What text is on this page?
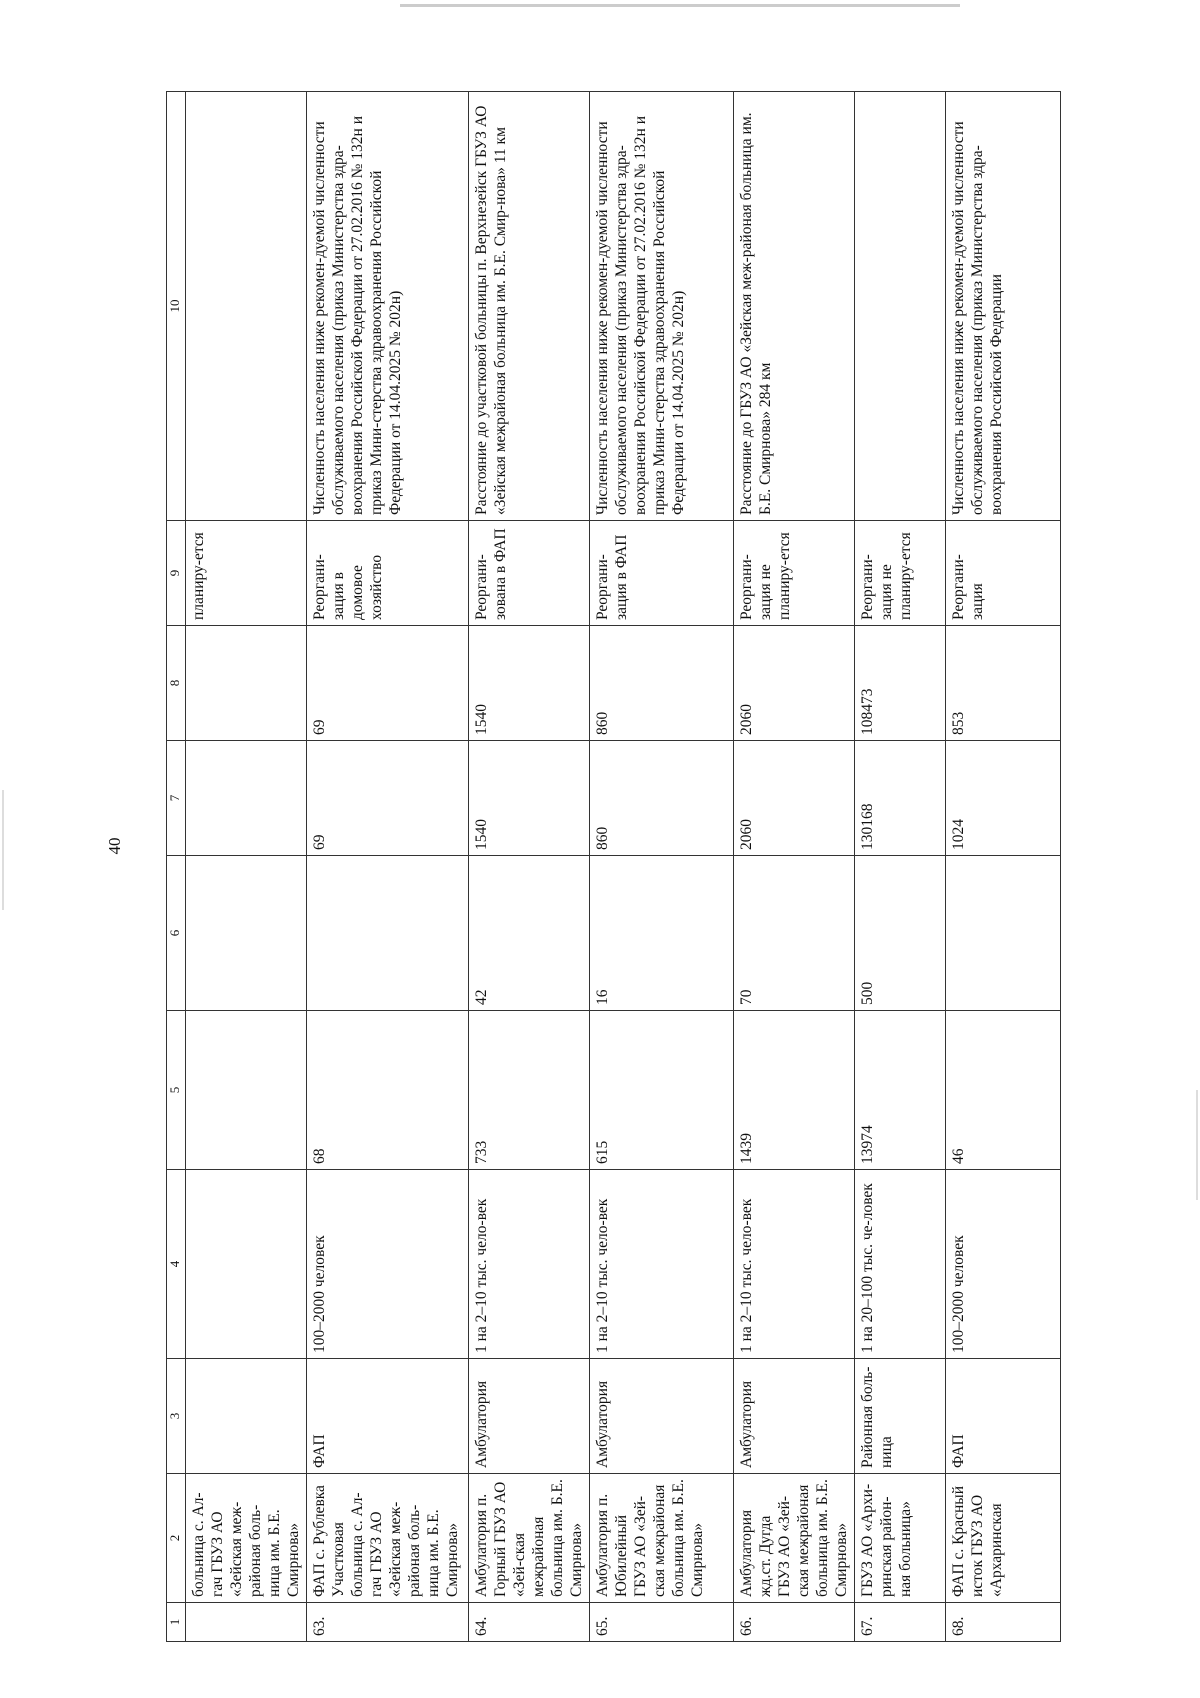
40
1	2	3	4	5	6	7	8	9	10
	больница с. Ал-гач ГБУЗ АО «Зейская меж-районая боль-ница им. Б.Е. Смирнова»							планиру-ется	
63.	ФАП с. Рублевка Участковая больница с. Ал-гач ГБУЗ АО «Зейская меж-районая боль-ница им. Б.Е. Смирнова»	ФАП	100–2000 человек	68		69	69	Реоргани-зация в домовое хозяйство	Численность населения ниже рекомен-дуемой численности обслуживаемого населения (приказ Министерства здра-воохранения Российской Федерации от 27.02.2016 № 132н и приказ Мини-стерства здравоохранения Российской Федерации от 14.04.2025 № 202н)
64.	Амбулатория п. Горный ГБУЗ АО «Зей-ская межрайоная больница им. Б.Е. Смирнова»	Амбулатория	1 на 2–10 тыс. чело-век	733	42	1540	1540	Реоргани-зована в ФАП	Расстояние до участковой больницы п. Верхнезейск ГБУЗ АО «Зейская межрайоная больница им. Б.Е. Смир-нова» 11 км
65.	Амбулатория п. Юбилейный ГБУЗ АО «Зей-ская межрайоная больница им. Б.Е. Смирнова»	Амбулатория	1 на 2–10 тыс. чело-век	615	16	860	860	Реоргани-зация в ФАП	Численность населения ниже рекомен-дуемой численности обслуживаемого населения (приказ Министерства здра-воохранения Российской Федерации от 27.02.2016 № 132н и приказ Мини-стерства здравоохранения Российской Федерации от 14.04.2025 № 202н)
66.	Амбулатория жд.ст. Дугда ГБУЗ АО «Зей-ская межрайоная больница им. Б.Е. Смирнова»	Амбулатория	1 на 2–10 тыс. чело-век	1439	70	2060	2060	Реоргани-зация не планиру-ется	Расстояние до ГБУЗ АО «Зейская меж-районая больница им. Б.Е. Смирнова» 284 км
67.	ГБУЗ АО «Архи-ринская район-ная больница»	Районная боль-ница	1 на 20–100 тыс. че-ловек	13974	500	130168	108473	Реоргани-зация не планиру-ется	
68.	ФАП с. Красный исток ГБУЗ АО «Архаринская	ФАП	100–2000 человек	46		1024	853	Реоргани-зация	Численность населения ниже рекомен-дуемой численности обслуживаемого населения (приказ Министерства здра-воохранения Российской Федерации
